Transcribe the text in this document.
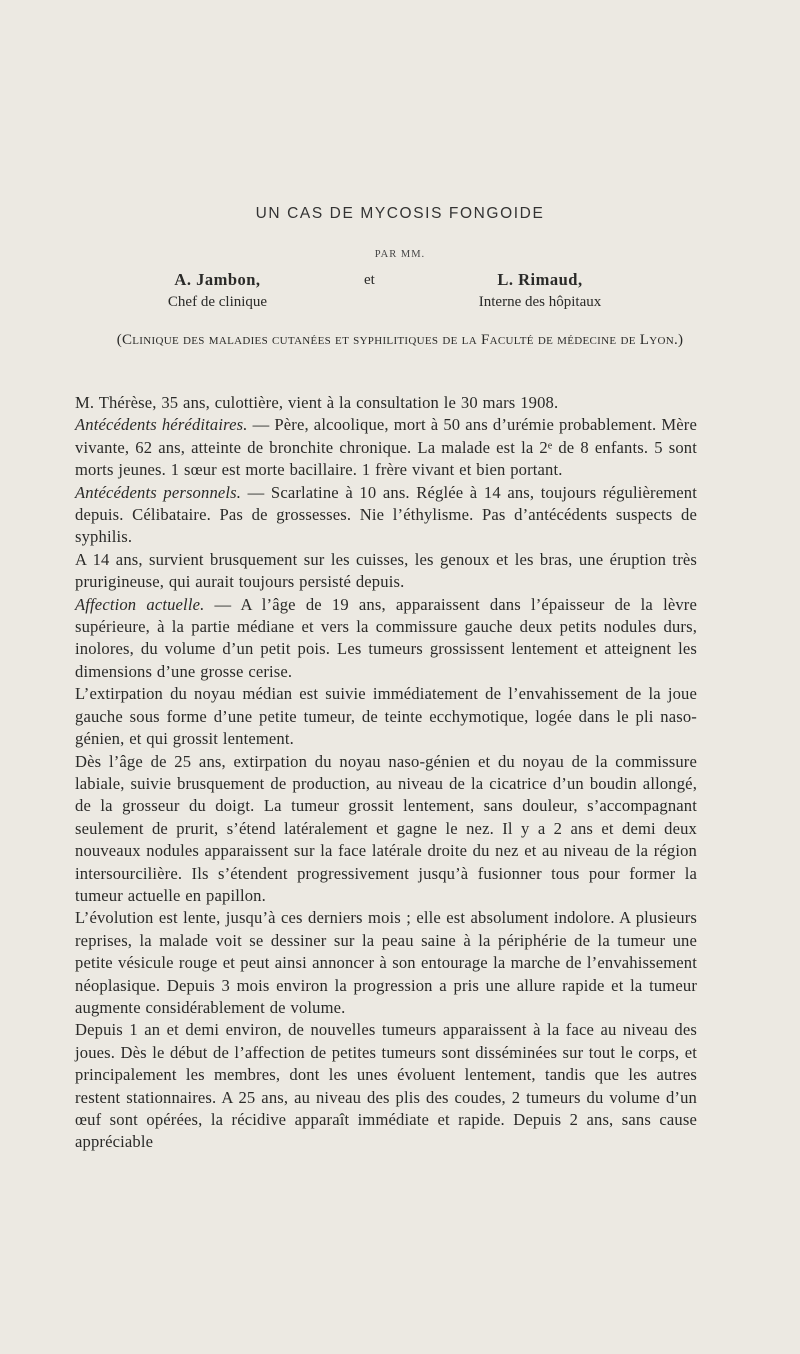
UN CAS DE MYCOSIS FONGOIDE
PAR MM.
A. Jambon,
Chef de clinique
et	L. Rimaud,
Interne des hôpitaux
(Clinique des maladies cutanées et syphilitiques de la Faculté de médecine de Lyon.)

M. Thérèse, 35 ans, culottière, vient à la consultation le 30 mars 1908.

Antécédents héréditaires. — Père, alcoolique, mort à 50 ans d’urémie probablement. Mère vivante, 62 ans, atteinte de bronchite chronique. La malade est la 2ᵉ de 8 enfants. 5 sont morts jeunes. 1 sœur est morte bacillaire. 1 frère vivant et bien portant.

Antécédents personnels. — Scarlatine à 10 ans. Réglée à 14 ans, toujours régulièrement depuis. Célibataire. Pas de grossesses. Nie l’éthylisme. Pas d’antécédents suspects de syphilis.

A 14 ans, survient brusquement sur les cuisses, les genoux et les bras, une éruption très prurigineuse, qui aurait toujours persisté depuis.

Affection actuelle. — A l’âge de 19 ans, apparaissent dans l’épaisseur de la lèvre supérieure, à la partie médiane et vers la commissure gauche deux petits nodules durs, inolores, du volume d’un petit pois. Les tumeurs grossissent lentement et atteignent les dimensions d’une grosse cerise.

L’extirpation du noyau médian est suivie immédiatement de l’envahissement de la joue gauche sous forme d’une petite tumeur, de teinte ecchymotique, logée dans le pli naso-génien, et qui grossit lentement.

Dès l’âge de 25 ans, extirpation du noyau naso-génien et du noyau de la commissure labiale, suivie brusquement de production, au niveau de la cicatrice d’un boudin allongé, de la grosseur du doigt. La tumeur grossit lentement, sans douleur, s’accompagnant seulement de prurit, s’étend latéralement et gagne le nez. Il y a 2 ans et demi deux nouveaux nodules apparaissent sur la face latérale droite du nez et au niveau de la région intersourcilière. Ils s’étendent progressivement jusqu’à fusionner tous pour former la tumeur actuelle en papillon.

L’évolution est lente, jusqu’à ces derniers mois ; elle est absolument indolore. A plusieurs reprises, la malade voit se dessiner sur la peau saine à la périphérie de la tumeur une petite vésicule rouge et peut ainsi annoncer à son entourage la marche de l’envahissement néoplasique. Depuis 3 mois environ la progression a pris une allure rapide et la tumeur augmente considérablement de volume.

Depuis 1 an et demi environ, de nouvelles tumeurs apparaissent à la face au niveau des joues. Dès le début de l’affection de petites tumeurs sont disséminées sur tout le corps, et principalement les membres, dont les unes évoluent lentement, tandis que les autres restent stationnaires. A 25 ans, au niveau des plis des coudes, 2 tumeurs du volume d’un œuf sont opérées, la récidive apparaît immédiate et rapide. Depuis 2 ans, sans cause appréciable
